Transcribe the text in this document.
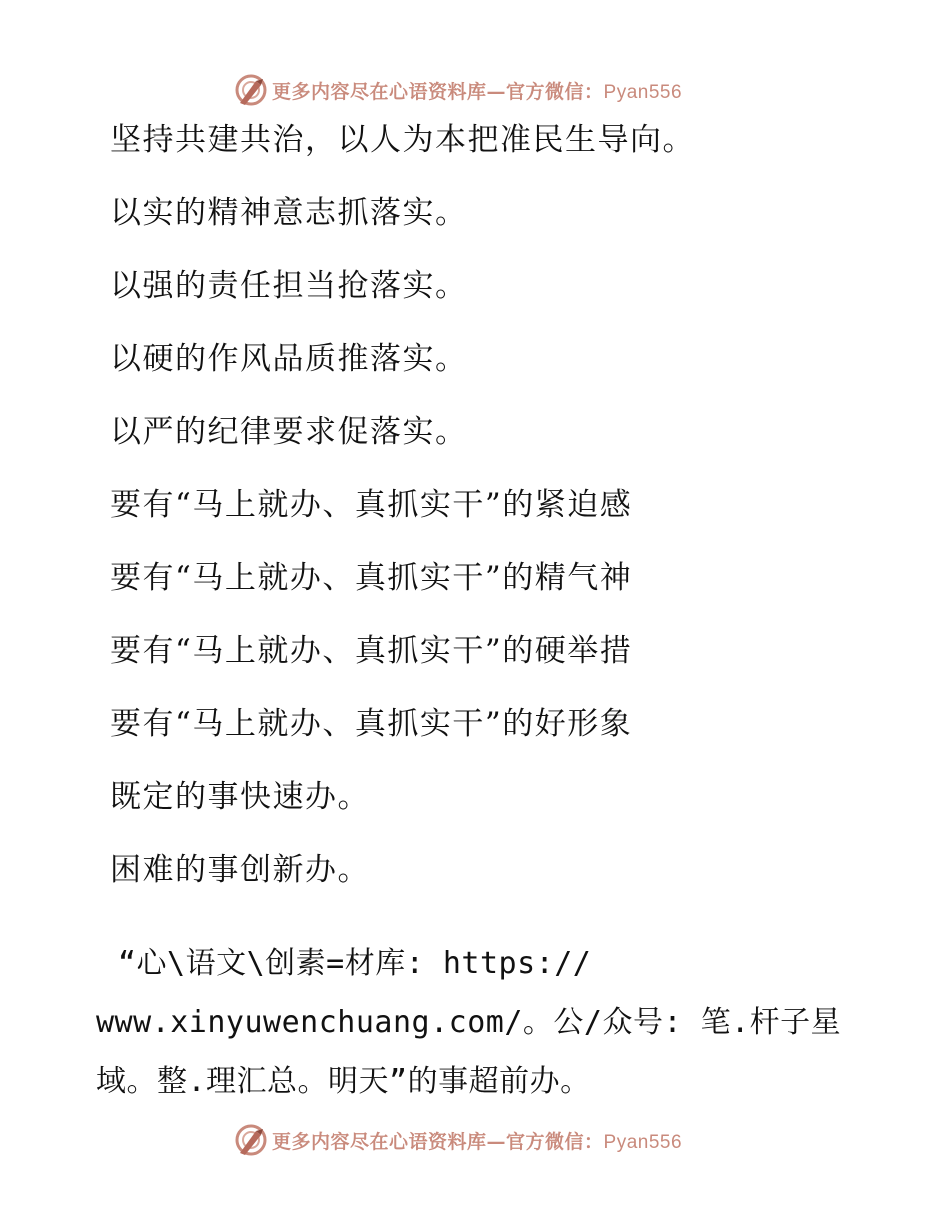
更多内容尽在心语资料库—官方微信：Pyan556
坚持共建共治，以人为本把准民生导向。
以实的精神意志抓落实。
以强的责任担当抢落实。
以硬的作风品质推落实。
以严的纪律要求促落实。
要有“马上就办、真抓实干”的紧迫感
要有“马上就办、真抓实干”的精气神
要有“马上就办、真抓实干”的硬举措
要有“马上就办、真抓实干”的好形象
既定的事快速办。
困难的事创新办。

“心\语文\创素=材库: https://
www.xinyuwenchuang.com/。公/众号: 笔.杆子星
域。整.理汇总。明天”的事超前办。

更多内容尽在心语资料库—官方微信：Pyan556
